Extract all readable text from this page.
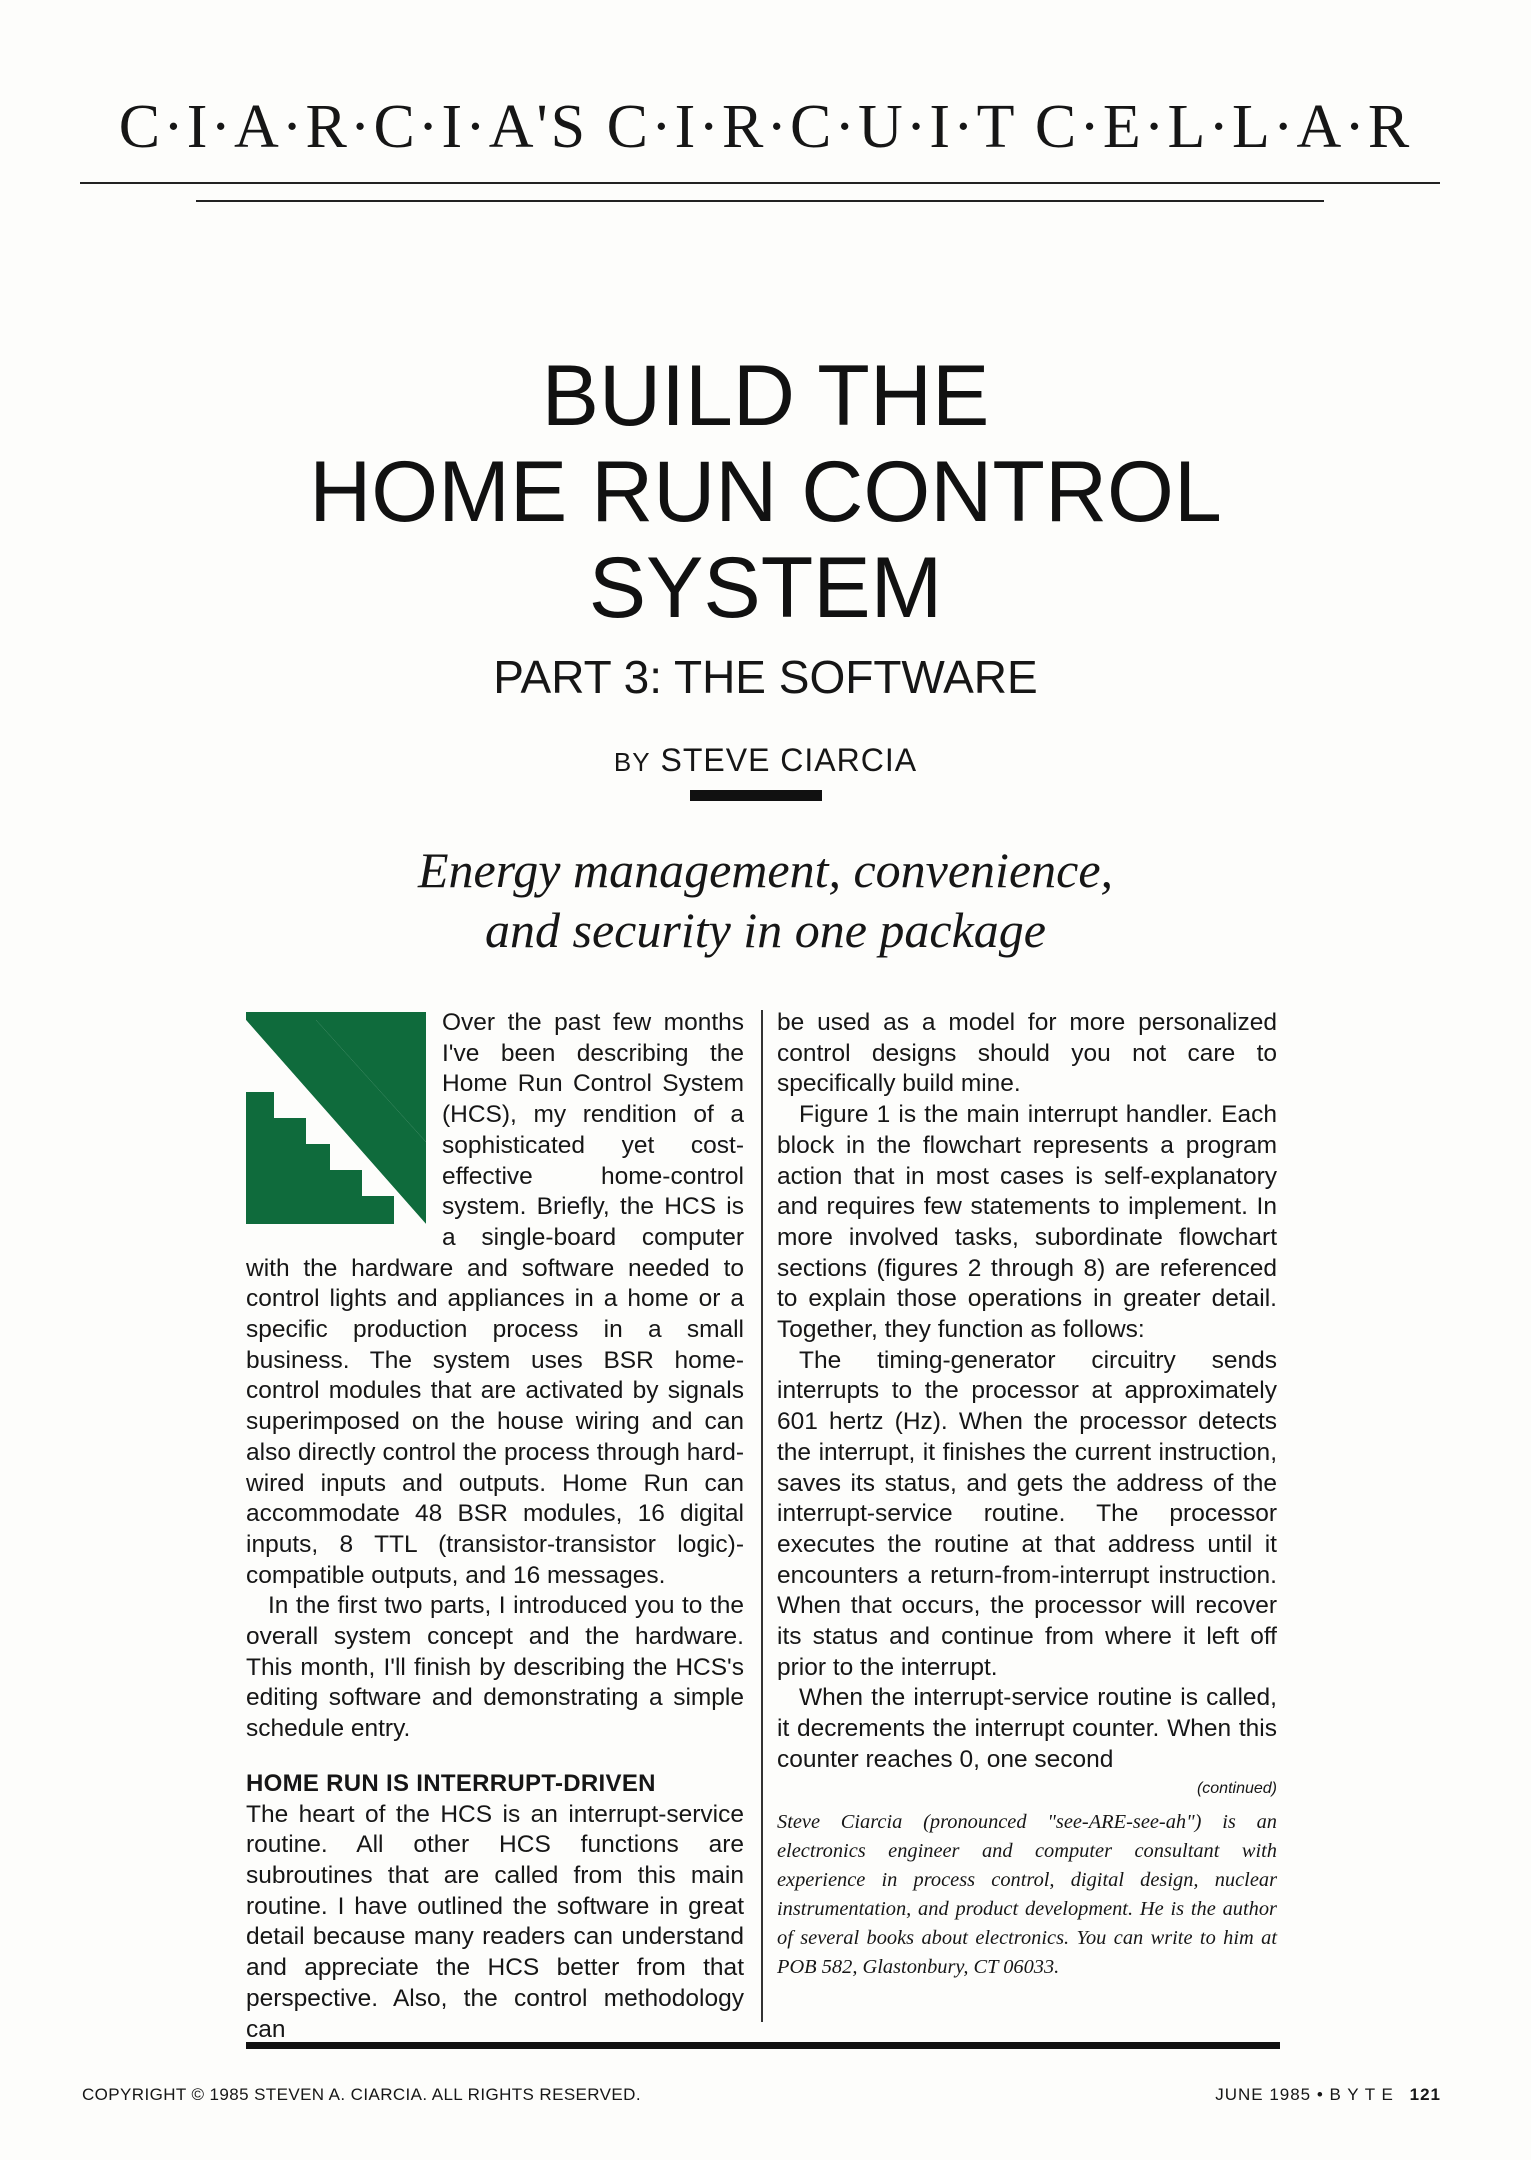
C·I·A·R·C·I·A'S C·I·R·C·U·I·T C·E·L·L·A·R
BUILD THE
HOME RUN CONTROL
SYSTEM
PART 3: THE SOFTWARE
BY STEVE CIARCIA
Energy management, convenience,
and security in one package

Over the past few months I've been describing the Home Run Control System (HCS), my rendition of a sophisticated yet cost-effective home-control system. Briefly, the HCS is a single-board computer with the hardware and software needed to control lights and appliances in a home or a specific production process in a small business. The system uses BSR home-control modules that are activated by signals superimposed on the house wiring and can also directly control the process through hard-wired inputs and outputs. Home Run can accommodate 48 BSR modules, 16 digital inputs, 8 TTL (transistor-transistor logic)-compatible outputs, and 16 messages.

In the first two parts, I introduced you to the overall system concept and the hardware. This month, I'll finish by describing the HCS's editing software and demonstrating a simple schedule entry.

HOME RUN IS INTERRUPT-DRIVEN

The heart of the HCS is an interrupt-service routine. All other HCS functions are subroutines that are called from this main routine. I have outlined the software in great detail because many readers can understand and appreciate the HCS better from that perspective. Also, the control methodology can

be used as a model for more personalized control designs should you not care to specifically build mine.

Figure 1 is the main interrupt handler. Each block in the flowchart represents a program action that in most cases is self-explanatory and requires few statements to implement. In more involved tasks, subordinate flowchart sections (figures 2 through 8) are referenced to explain those operations in greater detail. Together, they function as follows:

The timing-generator circuitry sends interrupts to the processor at approximately 601 hertz (Hz). When the processor detects the interrupt, it finishes the current instruction, saves its status, and gets the address of the interrupt-service routine. The processor executes the routine at that address until it encounters a return-from-interrupt instruction. When that occurs, the processor will recover its status and continue from where it left off prior to the interrupt.

When the interrupt-service routine is called, it decrements the interrupt counter. When this counter reaches 0, one second

(continued)

Steve Ciarcia (pronounced "see-ARE-see-ah") is an electronics engineer and computer consultant with experience in process control, digital design, nuclear instrumentation, and product development. He is the author of several books about electronics. You can write to him at POB 582, Glastonbury, CT 06033.

COPYRIGHT © 1985 STEVEN A. CIARCIA. ALL RIGHTS RESERVED.	JUNE 1985 • B Y T E 121
